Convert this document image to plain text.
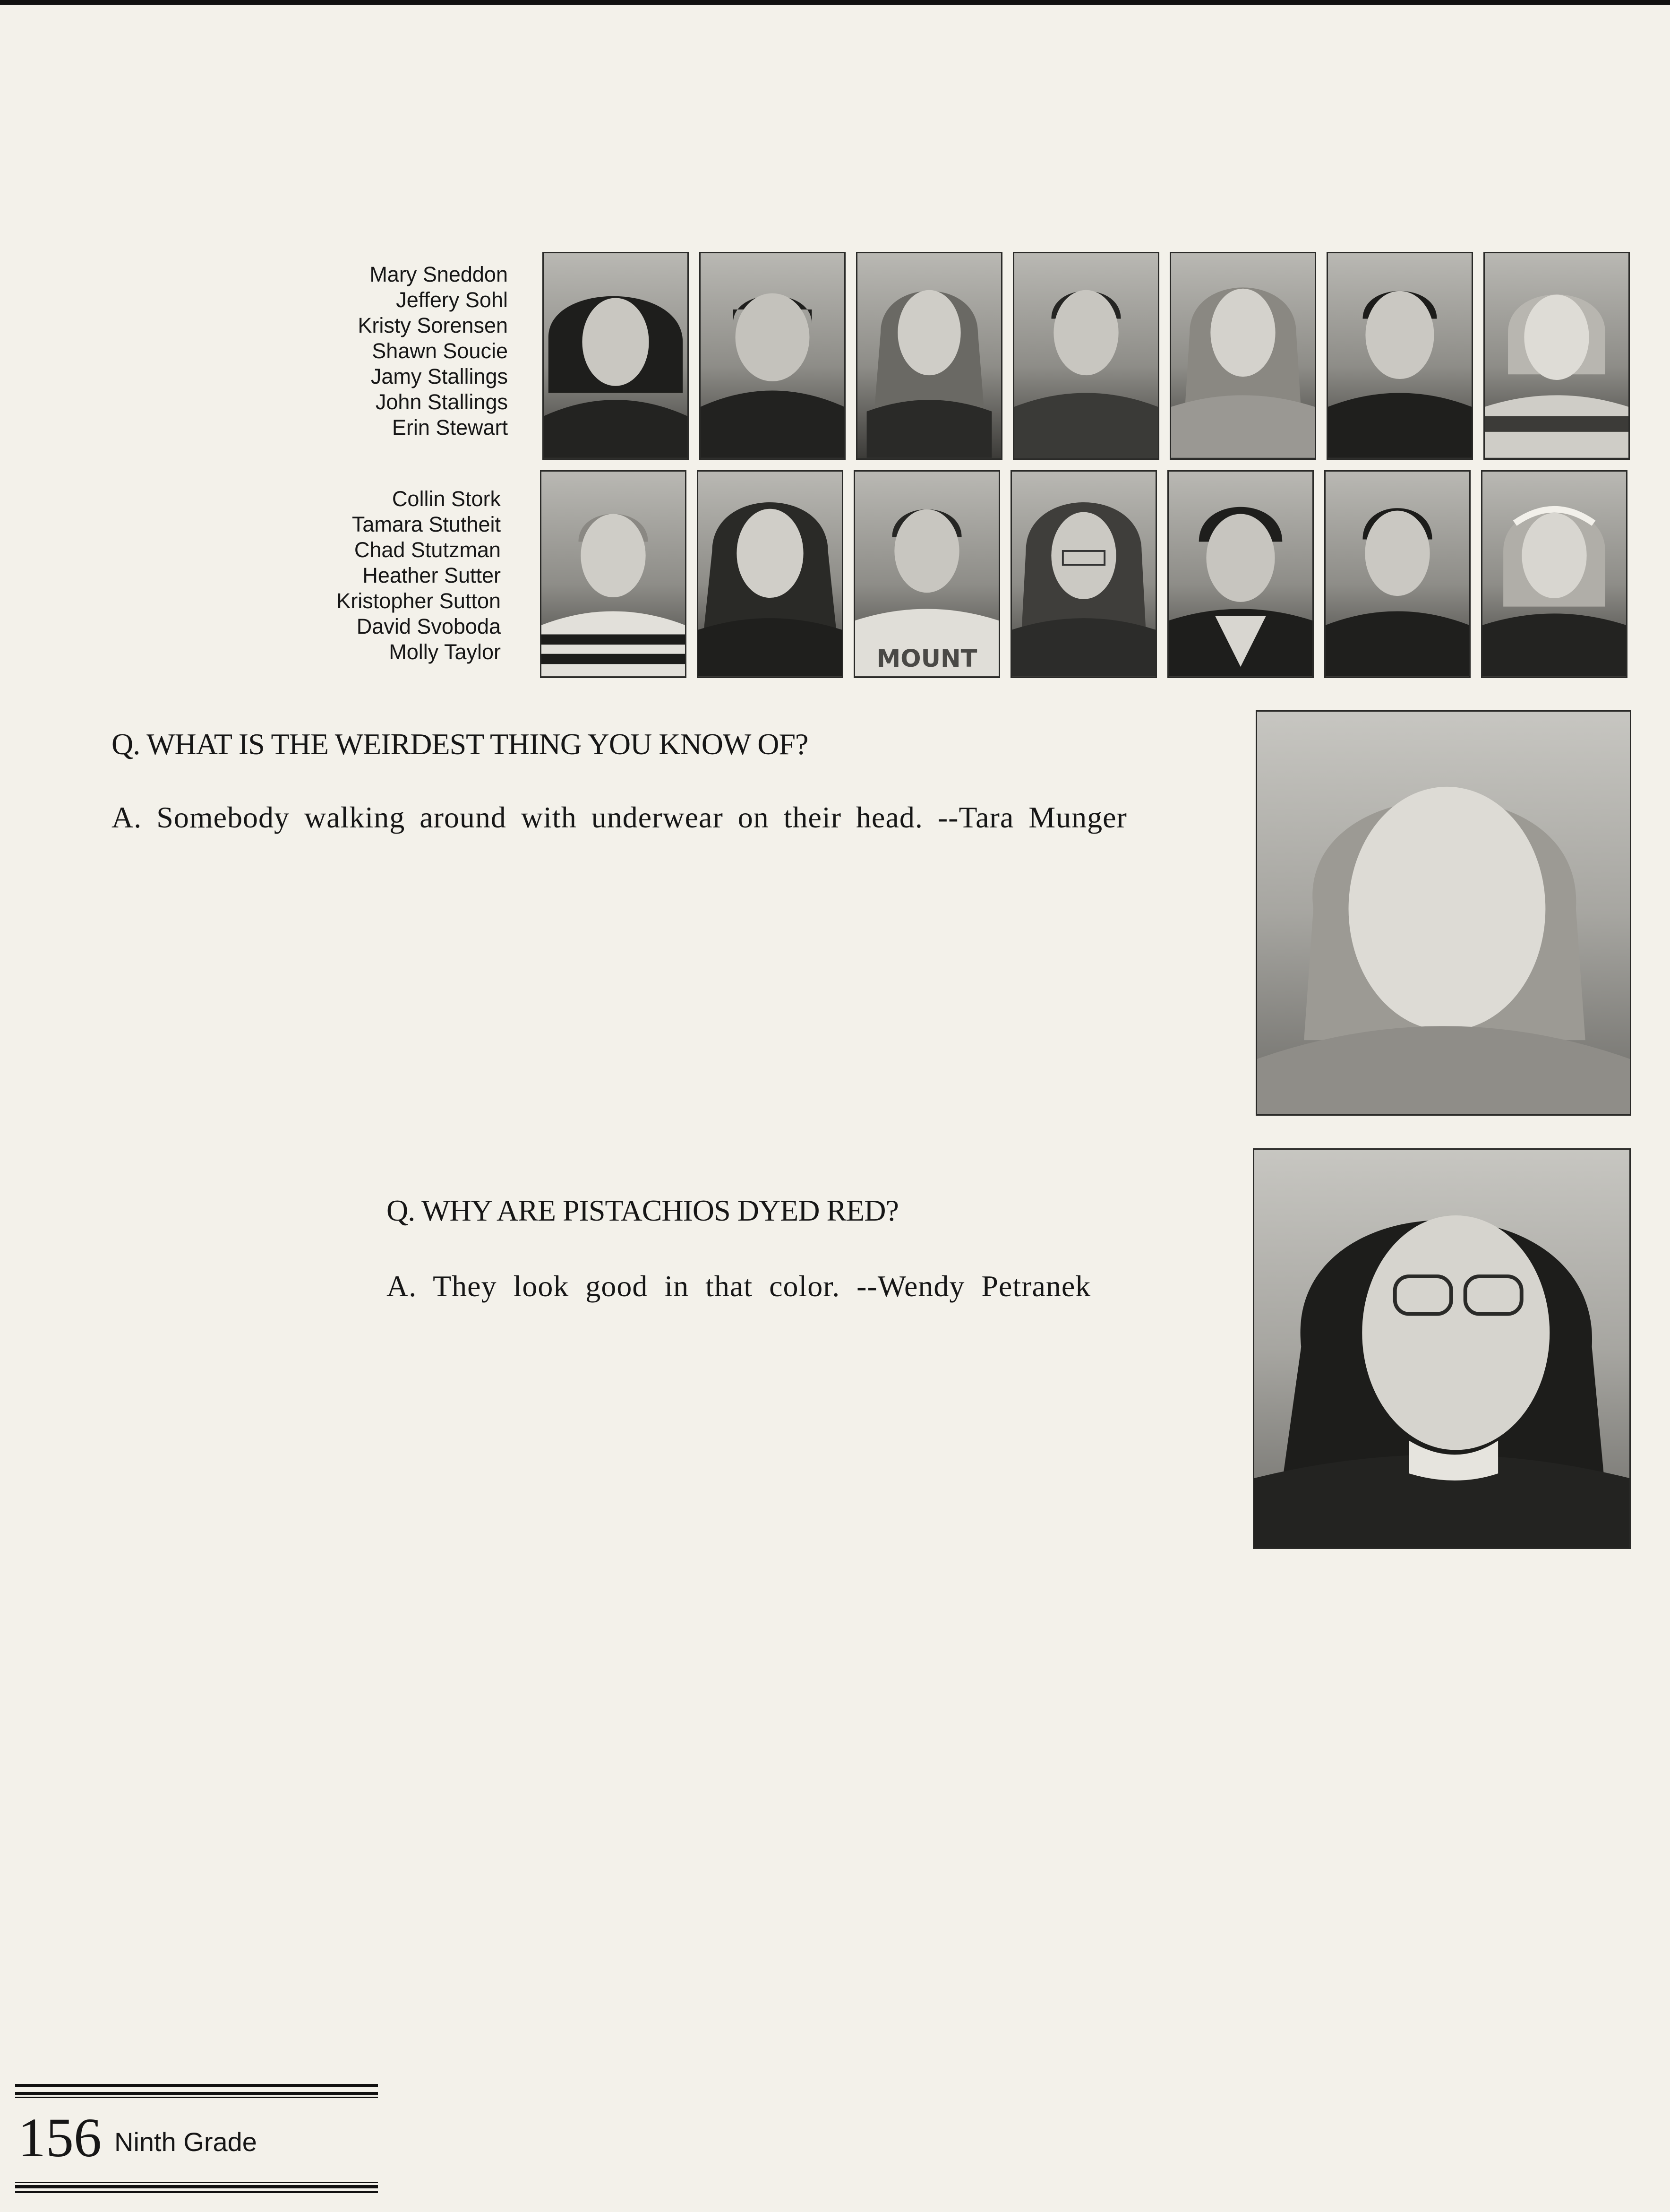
Mary Sneddon
Jeffery Sohl
Kristy Sorensen
Shawn Soucie
Jamy Stallings
John Stallings
Erin Stewart
Collin Stork
Tamara Stutheit
Chad Stutzman
Heather Sutter
Kristopher Sutton
David Svoboda
Molly Taylor	MOUNT
Q. WHAT IS THE WEIRDEST THING YOU KNOW OF?
A. Somebody walking around with underwear on their head. --Tara Munger
Q. WHY ARE PISTACHIOS DYED RED?
A. They look good in that color. --Wendy Petranek
156 Ninth Grade
